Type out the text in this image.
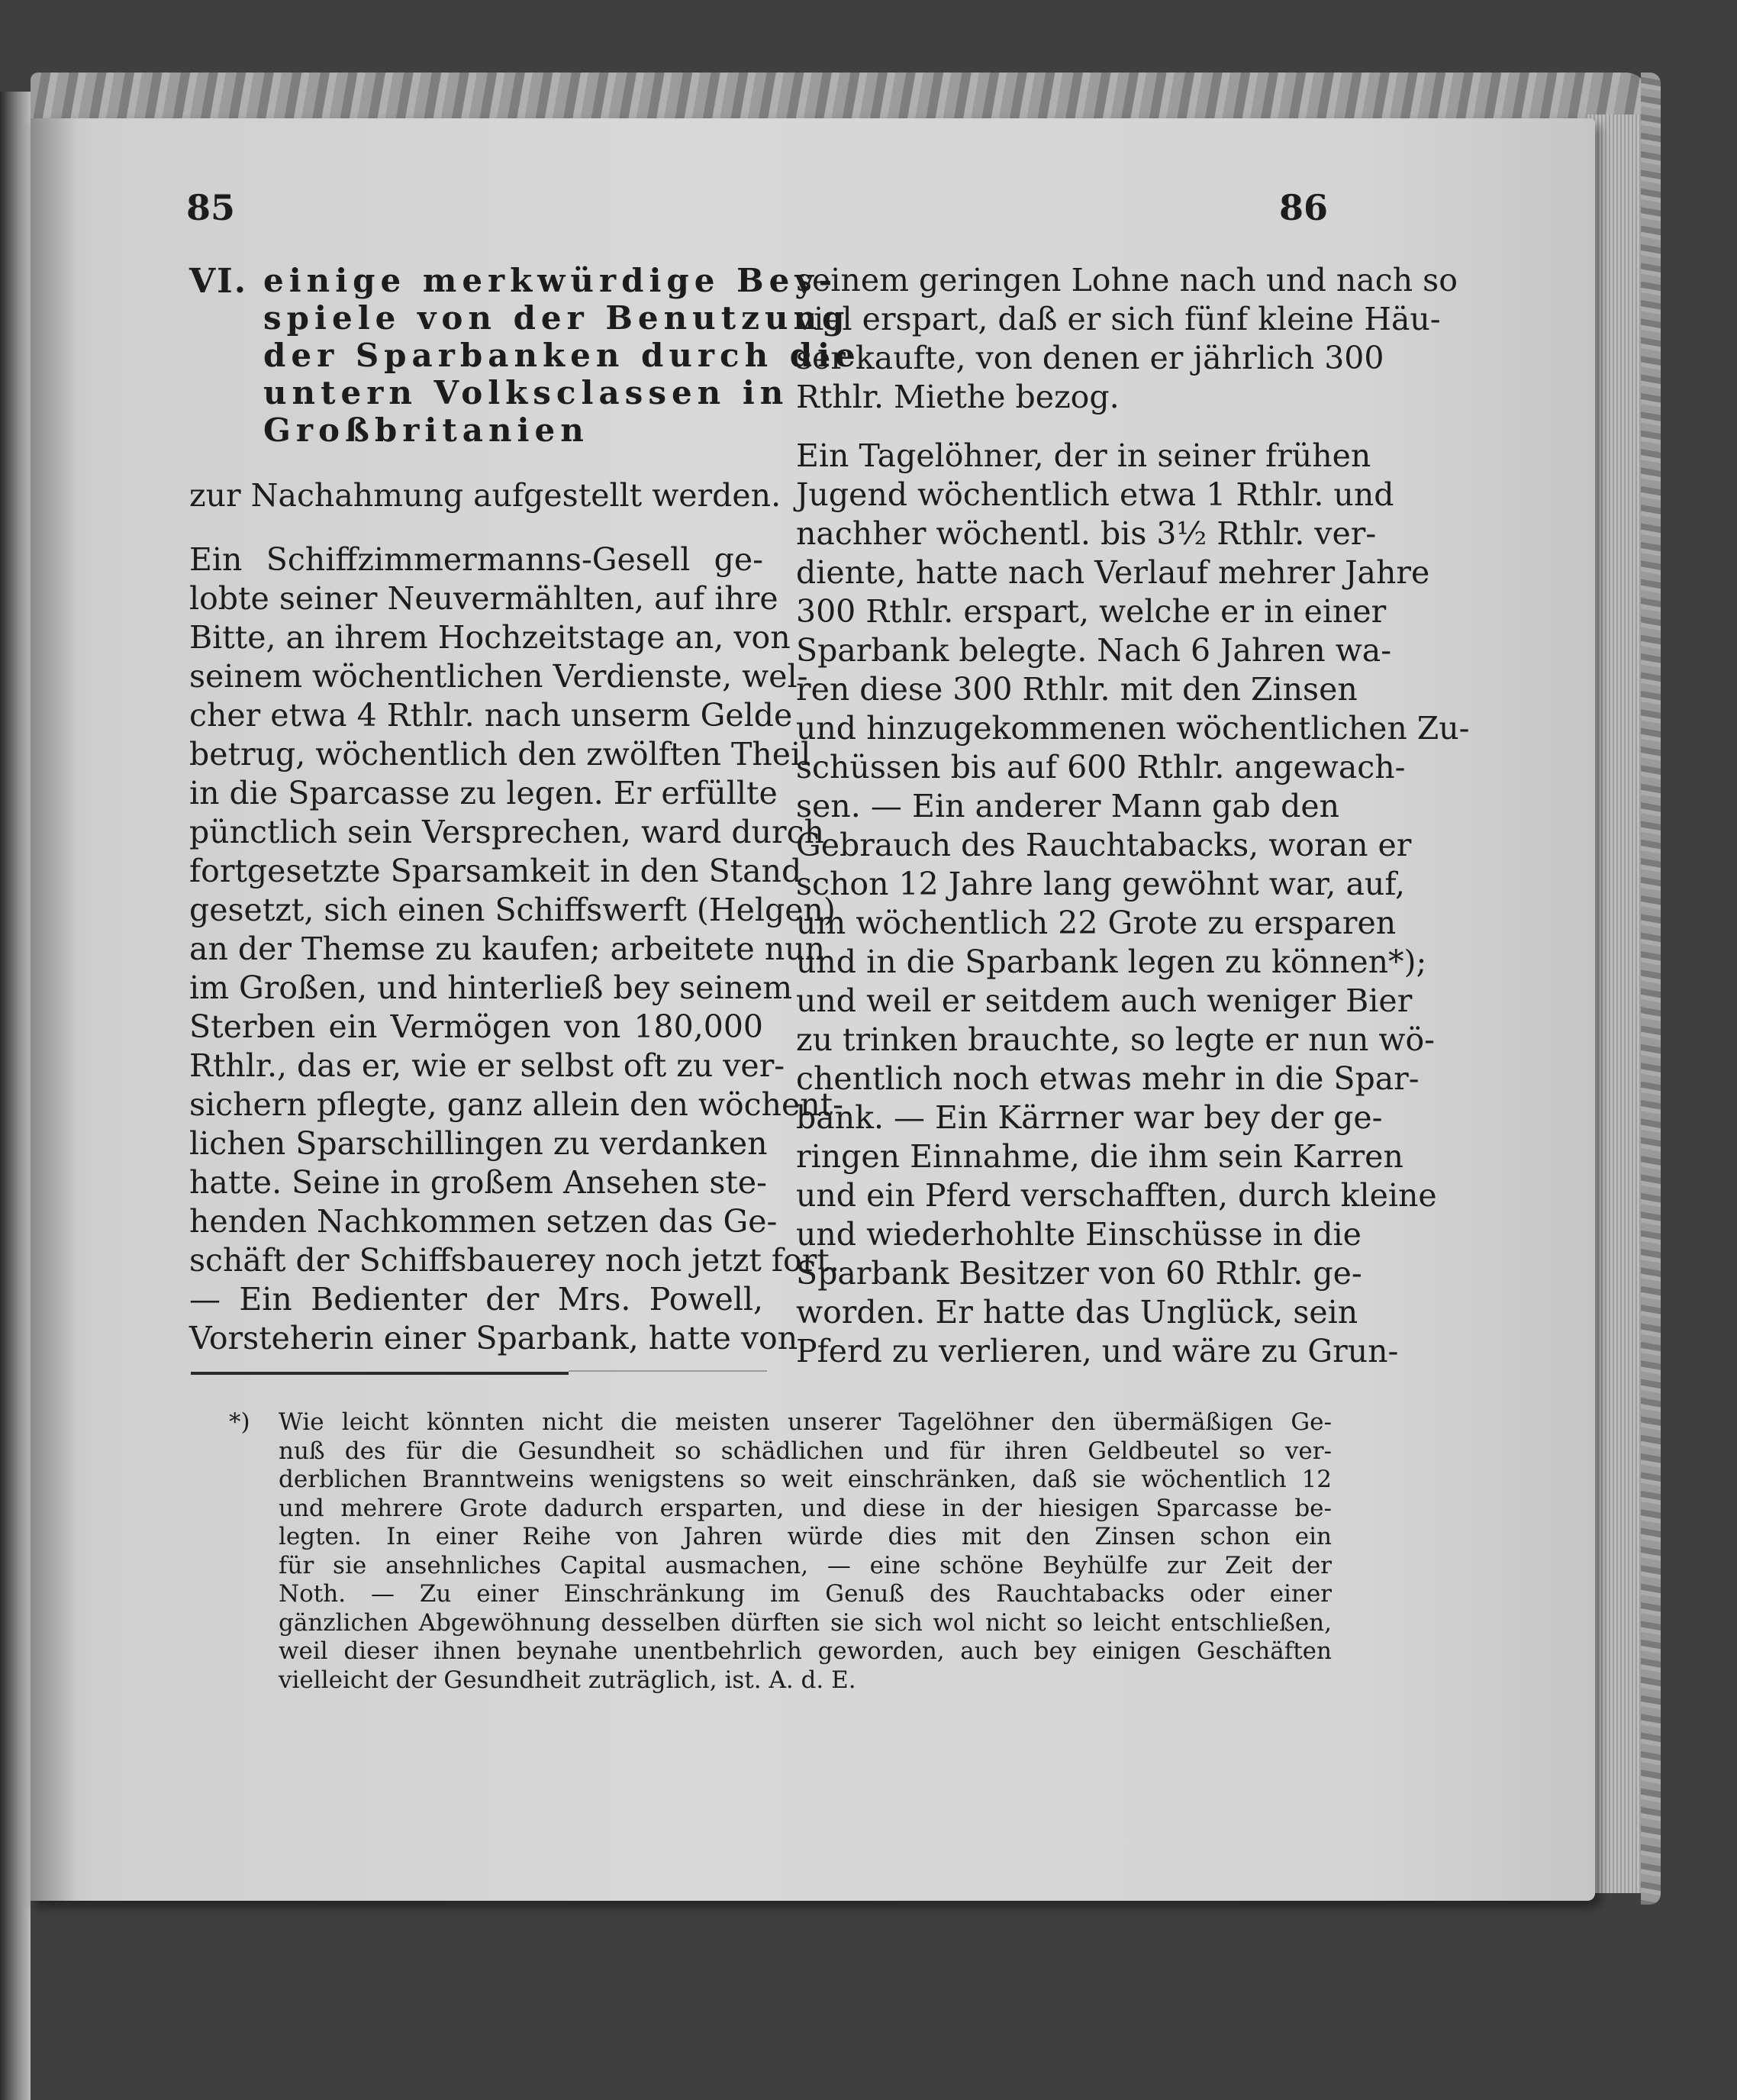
85	86
VI. einige merkwürdige Bey-
spiele von der Benutzung
der Sparbanken durch die
untern Volksclassen in
Großbritanien
zur Nachahmung aufgestellt werden.
Ein Schiffzimmermanns-Gesell ge-
lobte seiner Neuvermählten, auf ihre
Bitte, an ihrem Hochzeitstage an, von
seinem wöchentlichen Verdienste, wel-
cher etwa 4 Rthlr. nach unserm Gelde
betrug, wöchentlich den zwölften Theil
in die Sparcasse zu legen. Er erfüllte
pünctlich sein Versprechen, ward durch
fortgesetzte Sparsamkeit in den Stand
gesetzt, sich einen Schiffswerft (Helgen)
an der Themse zu kaufen; arbeitete nun
im Großen, und hinterließ bey seinem
Sterben ein Vermögen von 180,000
Rthlr., das er, wie er selbst oft zu ver-
sichern pflegte, ganz allein den wöchent-
lichen Sparschillingen zu verdanken
hatte. Seine in großem Ansehen ste-
henden Nachkommen setzen das Ge-
schäft der Schiffsbauerey noch jetzt fort.
— Ein Bedienter der Mrs. Powell,
Vorsteherin einer Sparbank, hatte von
seinem geringen Lohne nach und nach so
viel erspart, daß er sich fünf kleine Häu-
ser kaufte, von denen er jährlich 300
Rthlr. Miethe bezog.
Ein Tagelöhner, der in seiner frühen
Jugend wöchentlich etwa 1 Rthlr. und
nachher wöchentl. bis 3½ Rthlr. ver-
diente, hatte nach Verlauf mehrer Jahre
300 Rthlr. erspart, welche er in einer
Sparbank belegte. Nach 6 Jahren wa-
ren diese 300 Rthlr. mit den Zinsen
und hinzugekommenen wöchentlichen Zu-
schüssen bis auf 600 Rthlr. angewach-
sen. — Ein anderer Mann gab den
Gebrauch des Rauchtabacks, woran er
schon 12 Jahre lang gewöhnt war, auf,
um wöchentlich 22 Grote zu ersparen
und in die Sparbank legen zu können*);
und weil er seitdem auch weniger Bier
zu trinken brauchte, so legte er nun wö-
chentlich noch etwas mehr in die Spar-
bank. — Ein Kärrner war bey der ge-
ringen Einnahme, die ihm sein Karren
und ein Pferd verschafften, durch kleine
und wiederhohlte Einschüsse in die
Sparbank Besitzer von 60 Rthlr. ge-
worden. Er hatte das Unglück, sein
Pferd zu verlieren, und wäre zu Grun-
*) Wie leicht könnten nicht die meisten unserer Tagelöhner den übermäßigen Ge-
nuß des für die Gesundheit so schädlichen und für ihren Geldbeutel so ver-
derblichen Branntweins wenigstens so weit einschränken, daß sie wöchentlich 12
und mehrere Grote dadurch ersparten, und diese in der hiesigen Sparcasse be-
legten. In einer Reihe von Jahren würde dies mit den Zinsen schon ein
für sie ansehnliches Capital ausmachen, — eine schöne Beyhülfe zur Zeit der
Noth. — Zu einer Einschränkung im Genuß des Rauchtabacks oder einer
gänzlichen Abgewöhnung desselben dürften sie sich wol nicht so leicht entschließen,
weil dieser ihnen beynahe unentbehrlich geworden, auch bey einigen Geschäften
vielleicht der Gesundheit zuträglich, ist. A. d. E.
